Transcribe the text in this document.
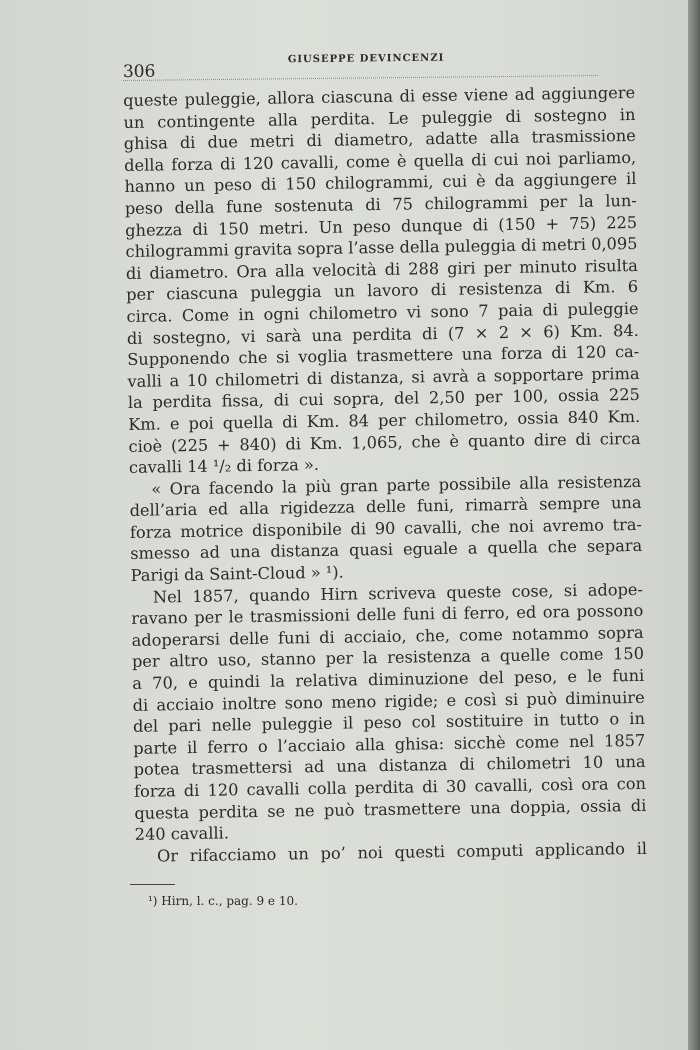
306
GIUSEPPE DEVINCENZI
queste puleggie, allora ciascuna di esse viene ad aggiungere
un contingente alla perdita. Le puleggie di sostegno in
ghisa di due metri di diametro, adatte alla trasmissione
della forza di 120 cavalli, come è quella di cui noi parliamo,
hanno un peso di 150 chilogrammi, cui è da aggiungere il
peso della fune sostenuta di 75 chilogrammi per la lun-
ghezza di 150 metri. Un peso dunque di (150 + 75) 225
chilogrammi gravita sopra l’asse della puleggia di metri 0,095
di diametro. Ora alla velocità di 288 giri per minuto risulta
per ciascuna puleggia un lavoro di resistenza di Km. 6
circa. Come in ogni chilometro vi sono 7 paia di puleggie
di sostegno, vi sarà una perdita di (7 × 2 × 6) Km. 84.
Supponendo che si voglia trasmettere una forza di 120 ca-
valli a 10 chilometri di distanza, si avrà a sopportare prima
la perdita fissa, di cui sopra, del 2,50 per 100, ossia 225
Km. e poi quella di Km. 84 per chilometro, ossia 840 Km.
cioè (225 + 840) di Km. 1,065, che è quanto dire di circa
cavalli 14 ¹/₂ di forza ».
« Ora facendo la più gran parte possibile alla resistenza
dell’aria ed alla rigidezza delle funi, rimarrà sempre una
forza motrice disponibile di 90 cavalli, che noi avremo tra-
smesso ad una distanza quasi eguale a quella che separa
Parigi da Saint-Cloud » ¹).
Nel 1857, quando Hirn scriveva queste cose, si adope-
ravano per le trasmissioni delle funi di ferro, ed ora possono
adoperarsi delle funi di acciaio, che, come notammo sopra
per altro uso, stanno per la resistenza a quelle come 150
a 70, e quindi la relativa diminuzione del peso, e le funi
di acciaio inoltre sono meno rigide; e così si può diminuire
del pari nelle puleggie il peso col sostituire in tutto o in
parte il ferro o l’acciaio alla ghisa: sicchè come nel 1857
potea trasmettersi ad una distanza di chilometri 10 una
forza di 120 cavalli colla perdita di 30 cavalli, così ora con
questa perdita se ne può trasmettere una doppia, ossia di
240 cavalli.
Or rifacciamo un po’ noi questi computi applicando il
¹) Hirn, l. c., pag. 9 e 10.
